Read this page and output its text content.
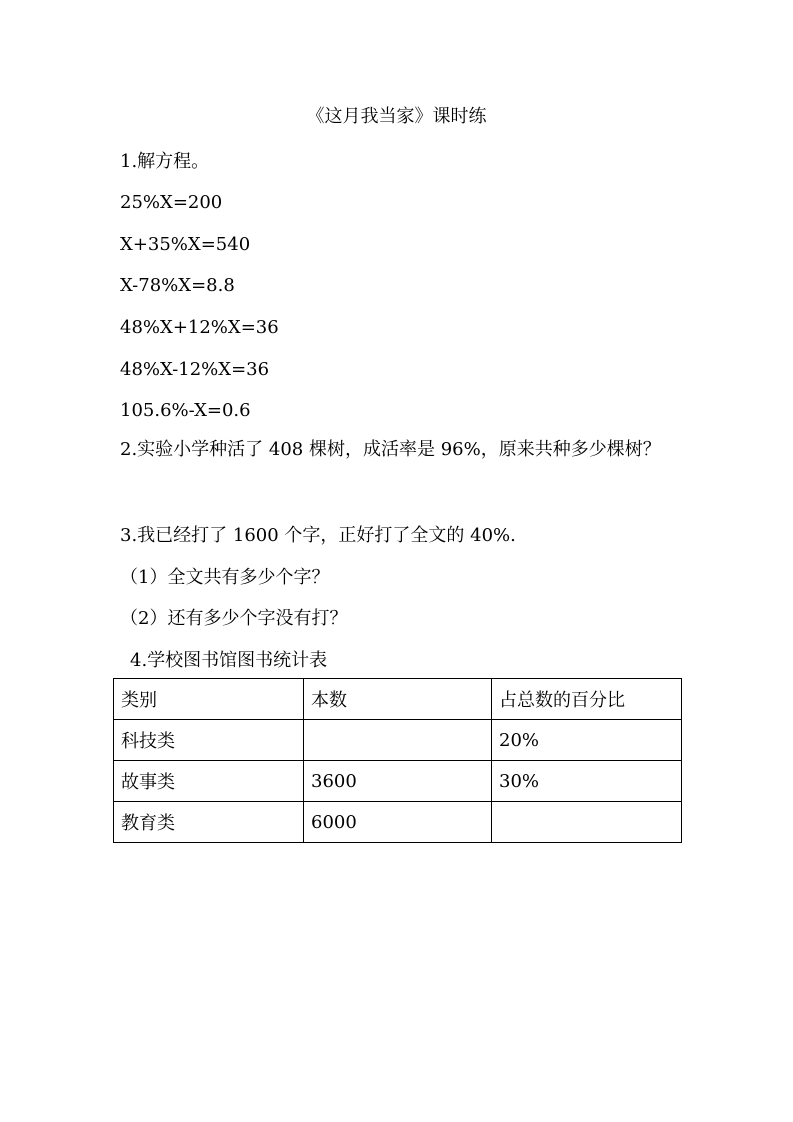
《这月我当家》课时练
1.解方程。
25%X=200
X+35%X=540
X-78%X=8.8
48%X+12%X=36
48%X-12%X=36
105.6%-X=0.6
2.实验小学种活了 408 棵树，成活率是 96%，原来共种多少棵树？
3.我已经打了 1600 个字，正好打了全文的 40%.
（1）全文共有多少个字？
（2）还有多少个字没有打？
4.学校图书馆图书统计表
类别	本数	占总数的百分比
科技类		20%
故事类	3600	30%
教育类	6000	
